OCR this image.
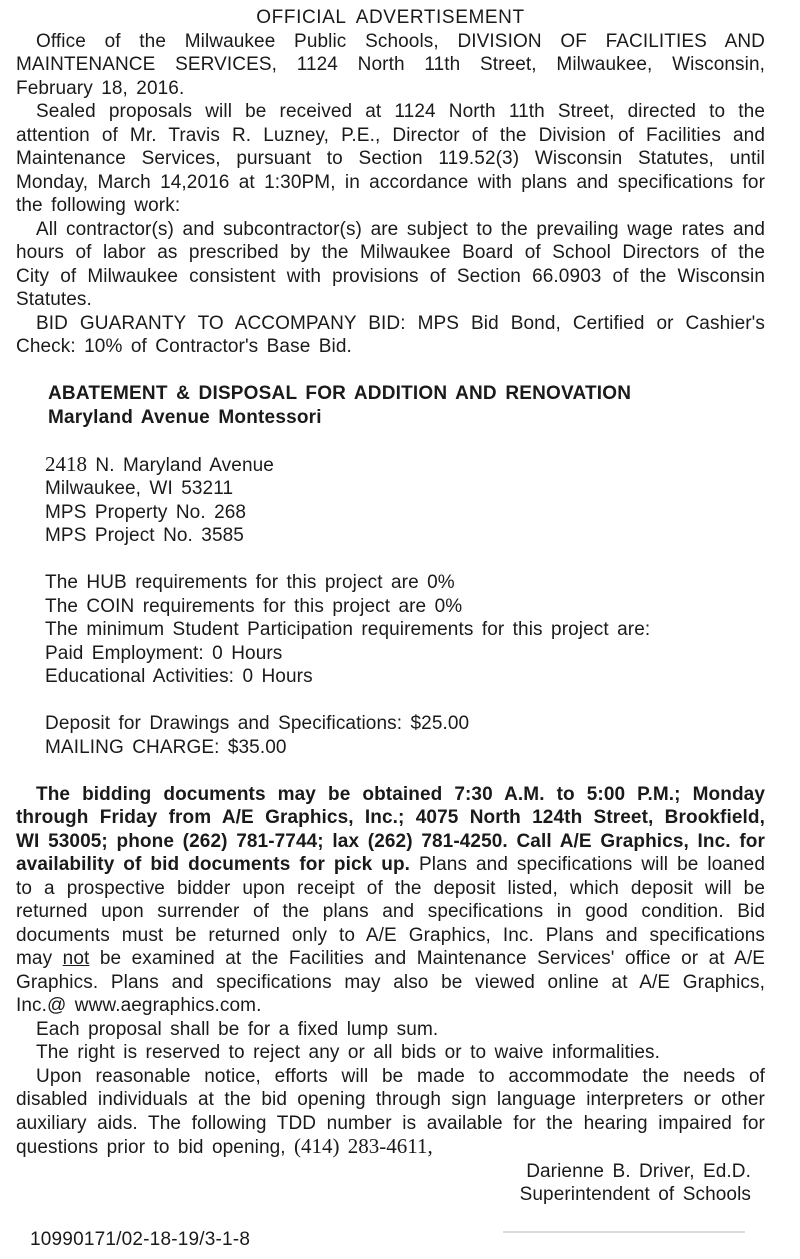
OFFICIAL ADVERTISEMENT

Office of the Milwaukee Public Schools, DIVISION OF FACILITIES AND MAINTENANCE SERVICES, 1124 North 11th Street, Milwaukee, Wisconsin, February 18, 2016.

Sealed proposals will be received at 1124 North 11th Street, directed to the attention of Mr. Travis R. Luzney, P.E., Director of the Division of Facilities and Maintenance Services, pursuant to Section 119.52(3) Wisconsin Statutes, until Monday, March 14,2016 at 1:30PM, in accordance with plans and specifications for the following work:

All contractor(s) and subcontractor(s) are subject to the prevailing wage rates and hours of labor as prescribed by the Milwaukee Board of School Directors of the City of Milwaukee consistent with provisions of Section 66.0903 of the Wisconsin Statutes.

BID GUARANTY TO ACCOMPANY BID: MPS Bid Bond, Certified or Cashier's Check: 10% of Contractor's Base Bid.

ABATEMENT & DISPOSAL FOR ADDITION AND RENOVATION
Maryland Avenue Montessori
2418 N. Maryland Avenue
Milwaukee, WI 53211
MPS Property No. 268
MPS Project No. 3585
The HUB requirements for this project are 0%
The COIN requirements for this project are 0%
The minimum Student Participation requirements for this project are:
Paid Employment: 0 Hours
Educational Activities: 0 Hours
Deposit for Drawings and Specifications: $25.00
MAILING CHARGE: $35.00

The bidding documents may be obtained 7:30 A.M. to 5:00 P.M.; Monday through Friday from A/E Graphics, Inc.; 4075 North 124th Street, Brookfield, WI 53005; phone (262) 781-7744; lax (262) 781-4250. Call A/E Graphics, Inc. for availability of bid documents for pick up. Plans and specifications will be loaned to a prospective bidder upon receipt of the deposit listed, which deposit will be returned upon surrender of the plans and specifications in good condition. Bid documents must be returned only to A/E Graphics, Inc. Plans and specifications may not be examined at the Facilities and Maintenance Services' office or at A/E Graphics. Plans and specifications may also be viewed online at A/E Graphics, Inc.@ www.aegraphics.com.

Each proposal shall be for a fixed lump sum.

The right is reserved to reject any or all bids or to waive informalities.

Upon reasonable notice, efforts will be made to accommodate the needs of disabled individuals at the bid opening through sign language interpreters or other auxiliary aids. The following TDD number is available for the hearing impaired for questions prior to bid opening, (414) 283-4611,

Darienne B. Driver, Ed.D.
Superintendent of Schools
10990171/02-18-19/3-1-8
